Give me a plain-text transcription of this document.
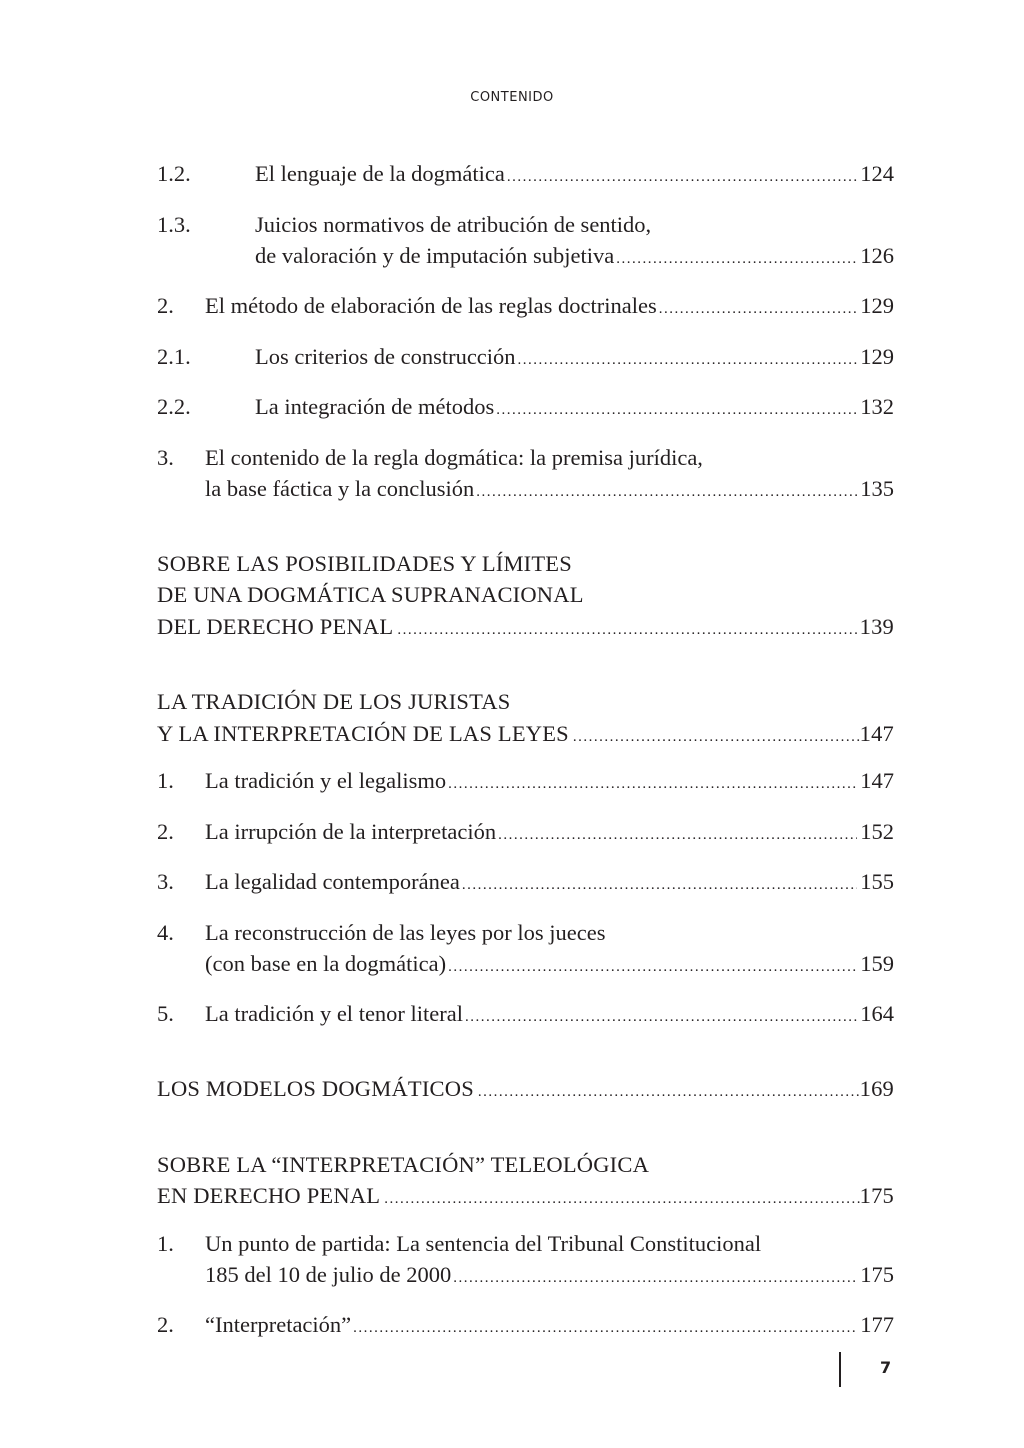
CONTENIDO
1.2.	El lenguaje de la dogmática .....	124
1.3.	Juicios normativos de atribución de sentido,
de valoración y de imputación subjetiva .....	126
2. El método de elaboración de las reglas doctrinales .....	129
2.1.	Los criterios de construcción .....	129
2.2.	La integración de métodos .....	132
3. El contenido de la regla dogmática: la premisa jurídica,
la base fáctica y la conclusión .....	135
SOBRE LAS POSIBILIDADES Y LÍMITES
DE UNA DOGMÁTICA SUPRANACIONAL
DEL DERECHO PENAL .....	139
LA TRADICIÓN DE LOS JURISTAS
Y LA INTERPRETACIÓN DE LAS LEYES .....	147
1. La tradición y el legalismo .....	147
2. La irrupción de la interpretación .....	152
3. La legalidad contemporánea .....	155
4. La reconstrucción de las leyes por los jueces
(con base en la dogmática) .....	159
5. La tradición y el tenor literal .....	164
LOS MODELOS DOGMÁTICOS .....	169
SOBRE LA “INTERPRETACIÓN” TELEOLÓGICA
EN DERECHO PENAL .....	175
1. Un punto de partida: La sentencia del Tribunal Constitucional
185 del 10 de julio de 2000 .....	175
2. “Interpretación” .....	177
7
